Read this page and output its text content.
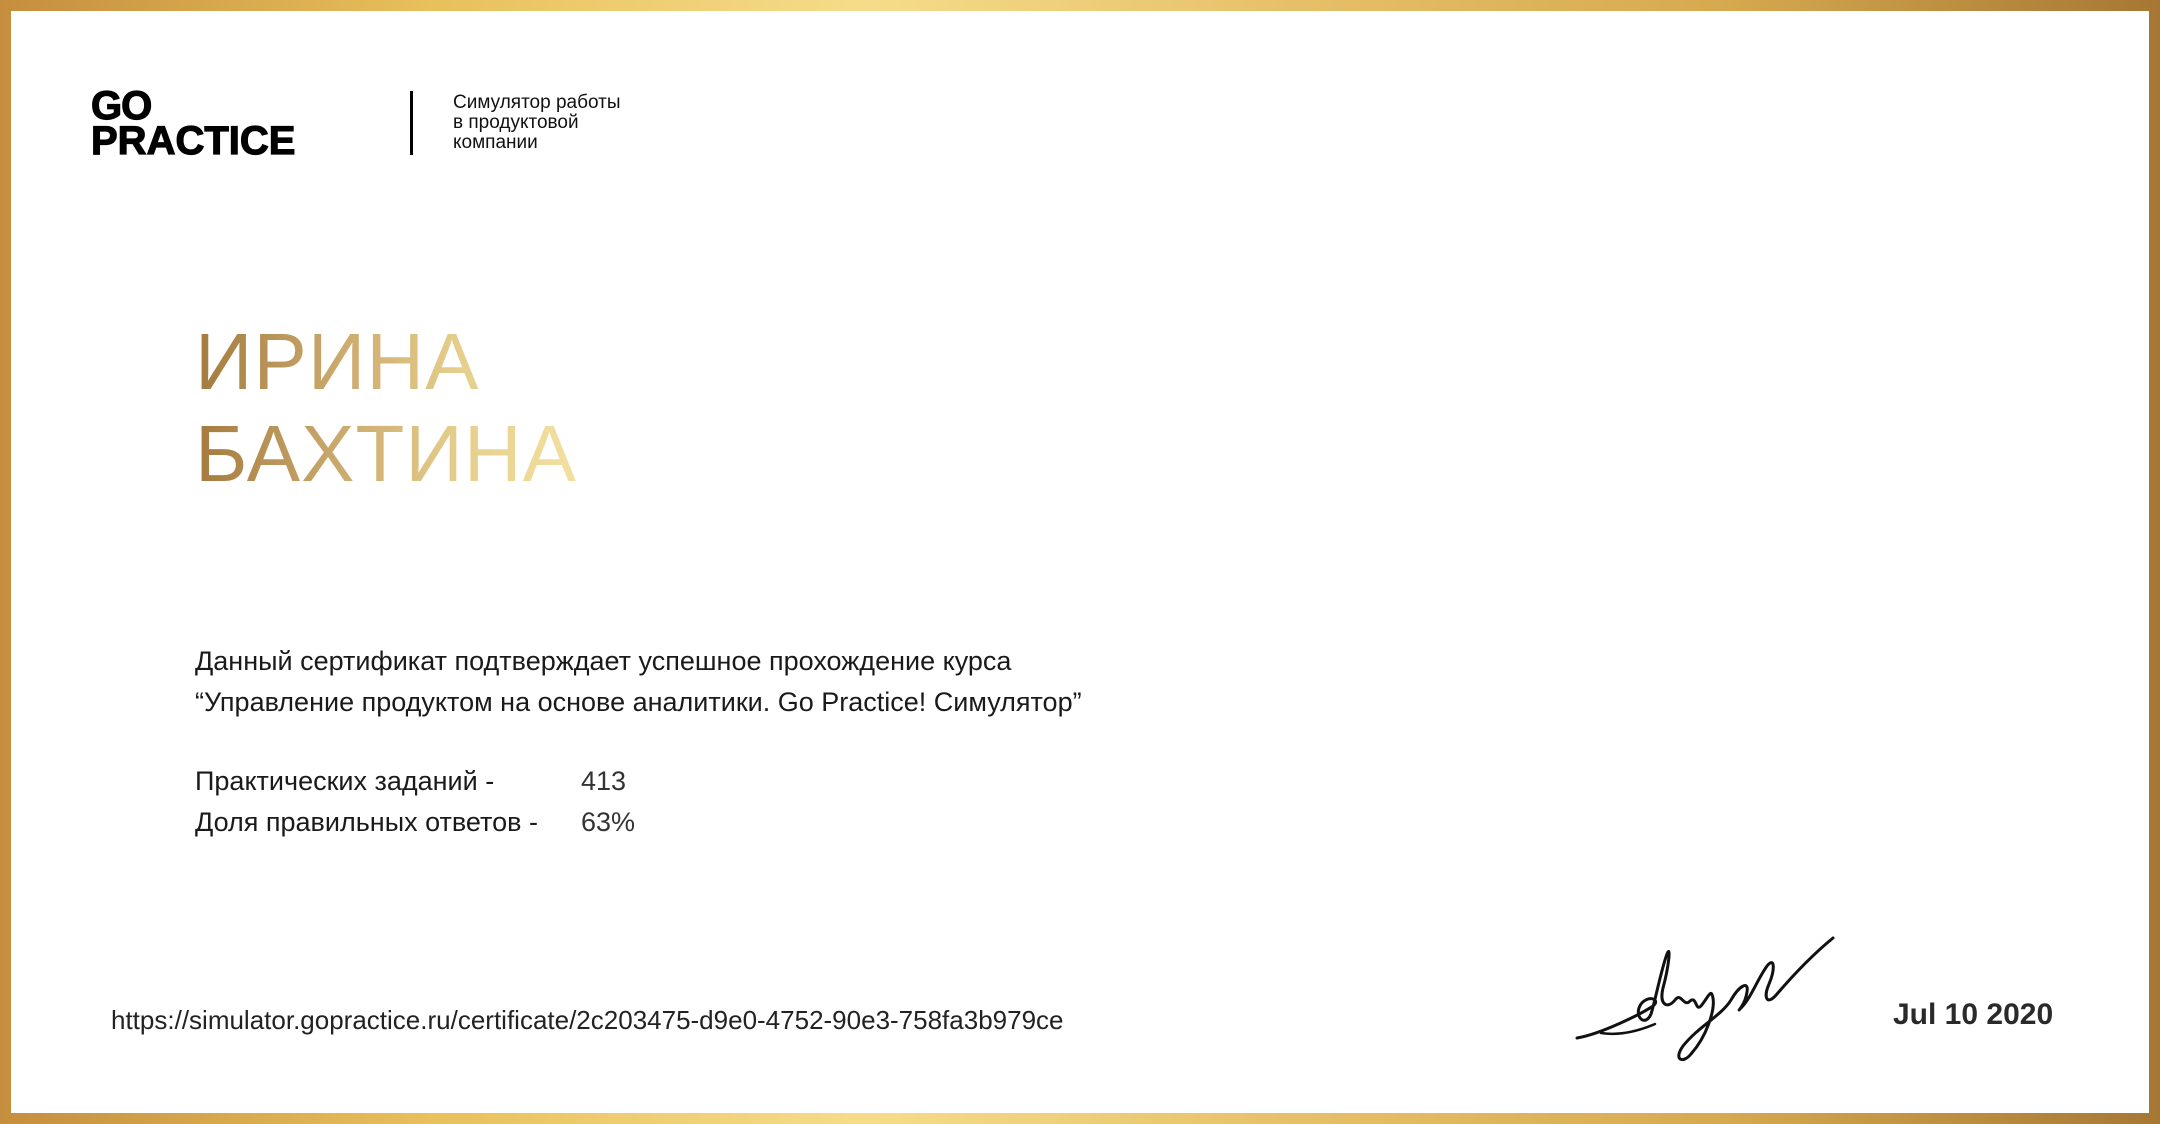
GO
PRACTICE
Симулятор работы
в продуктовой
компании
ИРИНА
БАХТИНА
Данный сертификат подтверждает успешное прохождение курса
“Управление продуктом на основе аналитики. Go Practice! Симулятор”
Практических заданий -	413
Доля правильных ответов - 63%
https://simulator.gopractice.ru/certificate/2c203475-d9e0-4752-90e3-758fa3b979ce	Jul 10 2020
